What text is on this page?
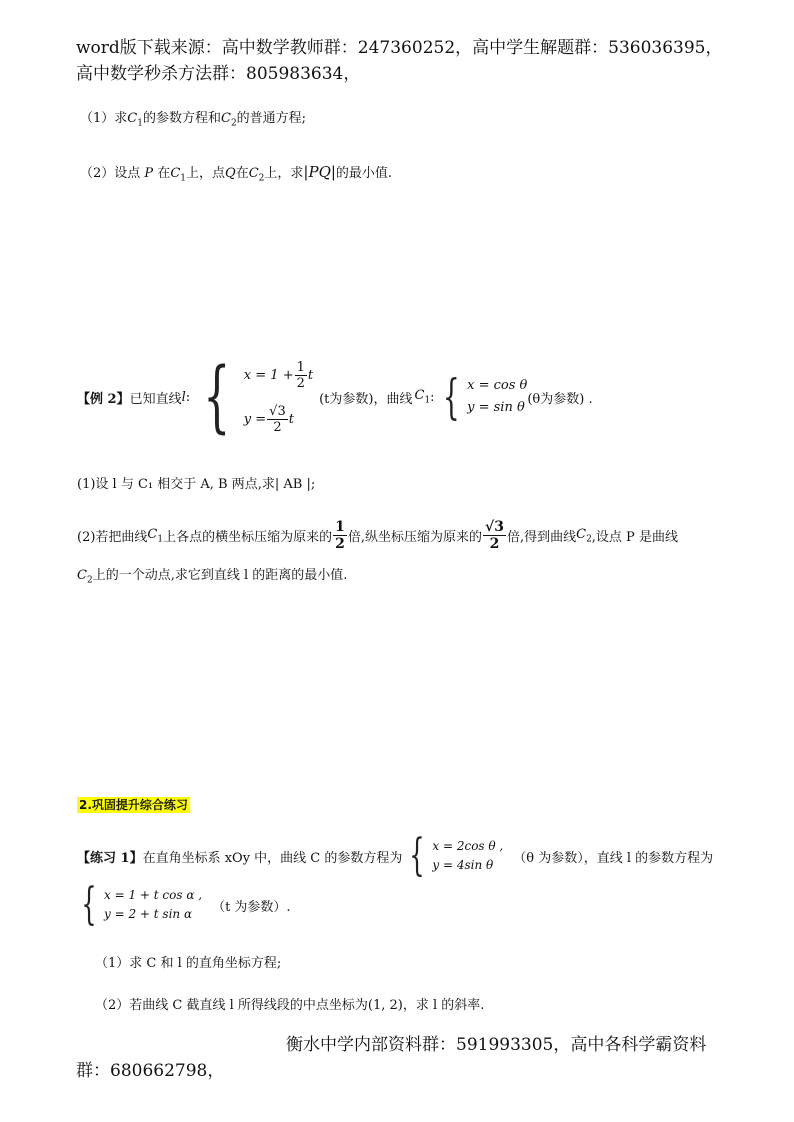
word版下载来源：高中数学教师群：247360252，高中学生解题群：536036395，
高中数学秒杀方法群：805983634，
（1）求$C_1$的参数方程和$C_2$的普通方程;
（2）设点 P 在$C_1$上，点Q在$C_2$上，求|PQ|的最小值.
【例 2】 已知直线 l : { $x = 1 + \frac{1}{2}$ t
$y = \frac{√3}{2}$ t
(t为参数)，曲线 $C_1$ : { x = cos θ
y = sin θ
(θ为参数) .
(1)设 l 与 C₁ 相交于 A, B 两点,求| AB |;
(2)若把曲线 $C_1$ 上各点的横坐标压缩为原来的 $\frac{1}{2}$ 倍,纵坐标压缩为原来的 $\frac{√3}{2}$ 倍,得到曲线 $C_2$ ,设点 P 是曲线
$C_2$上的一个动点,求它到直线 l 的距离的最小值.
2.巩固提升综合练习
【练习 1】 在直角坐标系 xOy 中，曲线 C 的参数方程为 { x = 2cos θ ,
y = 4sin θ	（θ 为参数），直线 l 的参数方程为
{ x = 1 + t cos α ,
y = 2 + t sin α	（t 为参数）.
（1）求 C 和 l 的直角坐标方程;
（2）若曲线 C 截直线 l 所得线段的中点坐标为(1, 2)，求 l 的斜率.
衡水中学内部资料群：591993305，高中各科学霸资料
群：680662798，
